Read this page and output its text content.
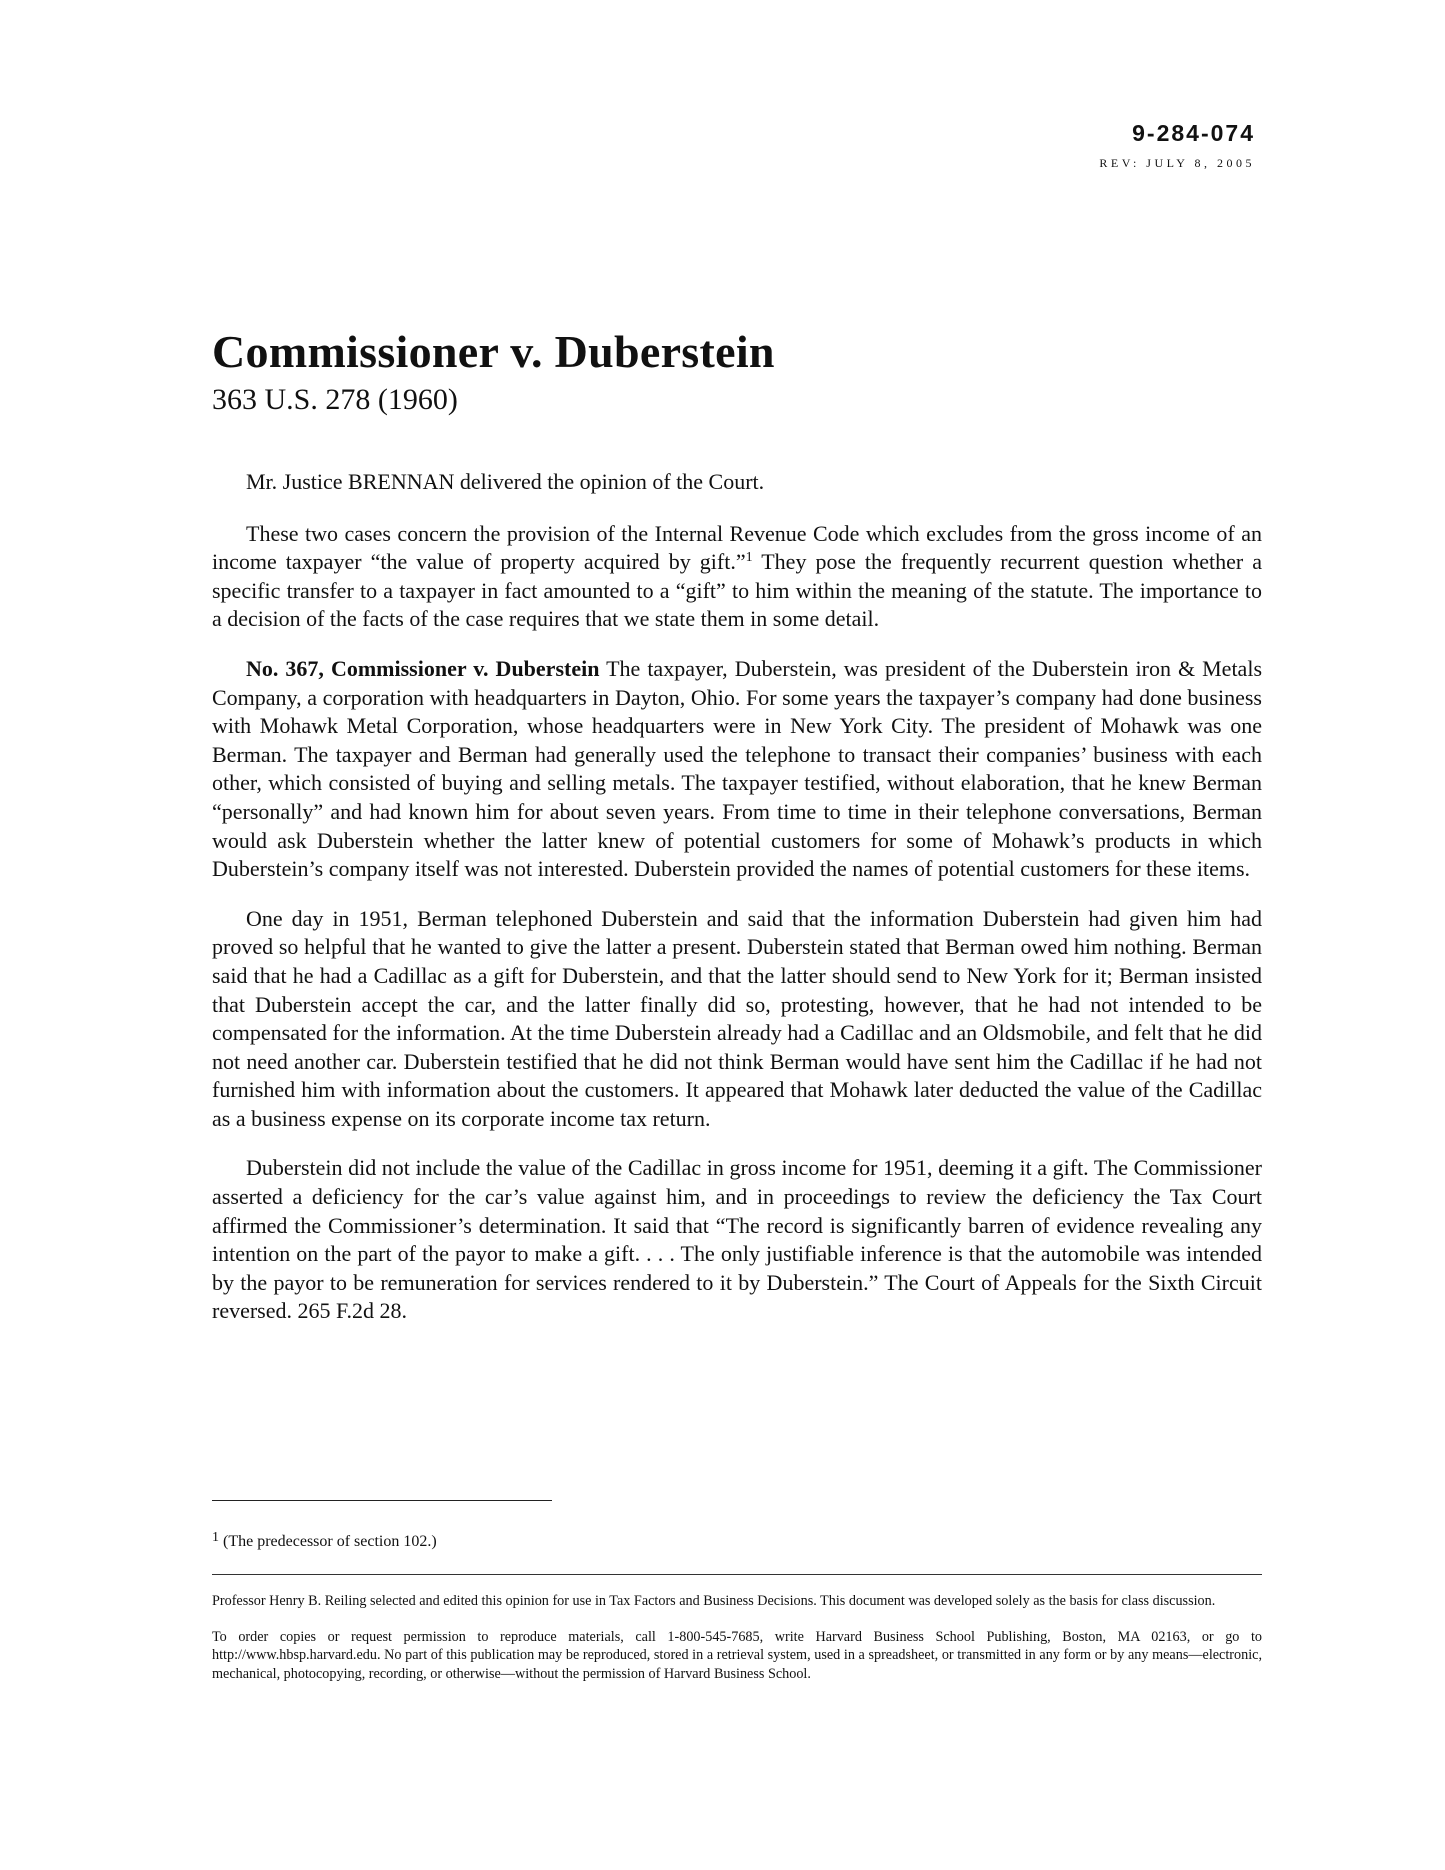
9-284-074
REV: JULY 8, 2005
Commissioner v. Duberstein
363 U.S. 278 (1960)

Mr. Justice BRENNAN delivered the opinion of the Court.

These two cases concern the provision of the Internal Revenue Code which excludes from the gross income of an income taxpayer “the value of property acquired by gift.”$^1$ They pose the frequently recurrent question whether a specific transfer to a taxpayer in fact amounted to a “gift” to him within the meaning of the statute. The importance to a decision of the facts of the case requires that we state them in some detail.

No. 367, Commissioner v. Duberstein The taxpayer, Duberstein, was president of the Duberstein iron & Metals Company, a corporation with headquarters in Dayton, Ohio. For some years the taxpayer’s company had done business with Mohawk Metal Corporation, whose headquarters were in New York City. The president of Mohawk was one Berman. The taxpayer and Berman had generally used the telephone to transact their companies’ business with each other, which consisted of buying and selling metals. The taxpayer testified, without elaboration, that he knew Berman “personally” and had known him for about seven years. From time to time in their telephone conversations, Berman would ask Duberstein whether the latter knew of potential customers for some of Mohawk’s products in which Duberstein’s company itself was not interested. Duberstein provided the names of potential customers for these items.

One day in 1951, Berman telephoned Duberstein and said that the information Duberstein had given him had proved so helpful that he wanted to give the latter a present. Duberstein stated that Berman owed him nothing. Berman said that he had a Cadillac as a gift for Duberstein, and that the latter should send to New York for it; Berman insisted that Duberstein accept the car, and the latter finally did so, protesting, however, that he had not intended to be compensated for the information. At the time Duberstein already had a Cadillac and an Oldsmobile, and felt that he did not need another car. Duberstein testified that he did not think Berman would have sent him the Cadillac if he had not furnished him with information about the customers. It appeared that Mohawk later deducted the value of the Cadillac as a business expense on its corporate income tax return.

Duberstein did not include the value of the Cadillac in gross income for 1951, deeming it a gift. The Commissioner asserted a deficiency for the car’s value against him, and in proceedings to review the deficiency the Tax Court affirmed the Commissioner’s determination. It said that “The record is significantly barren of evidence revealing any intention on the part of the payor to make a gift. . . . The only justifiable inference is that the automobile was intended by the payor to be remuneration for services rendered to it by Duberstein.” The Court of Appeals for the Sixth Circuit reversed. 265 F.2d 28.

$^1$ (The predecessor of section 102.)

Professor Henry B. Reiling selected and edited this opinion for use in Tax Factors and Business Decisions. This document was developed solely as the basis for class discussion.

To order copies or request permission to reproduce materials, call 1-800-545-7685, write Harvard Business School Publishing, Boston, MA 02163, or go to http://www.hbsp.harvard.edu. No part of this publication may be reproduced, stored in a retrieval system, used in a spreadsheet, or transmitted in any form or by any means—electronic, mechanical, photocopying, recording, or otherwise—without the permission of Harvard Business School.
